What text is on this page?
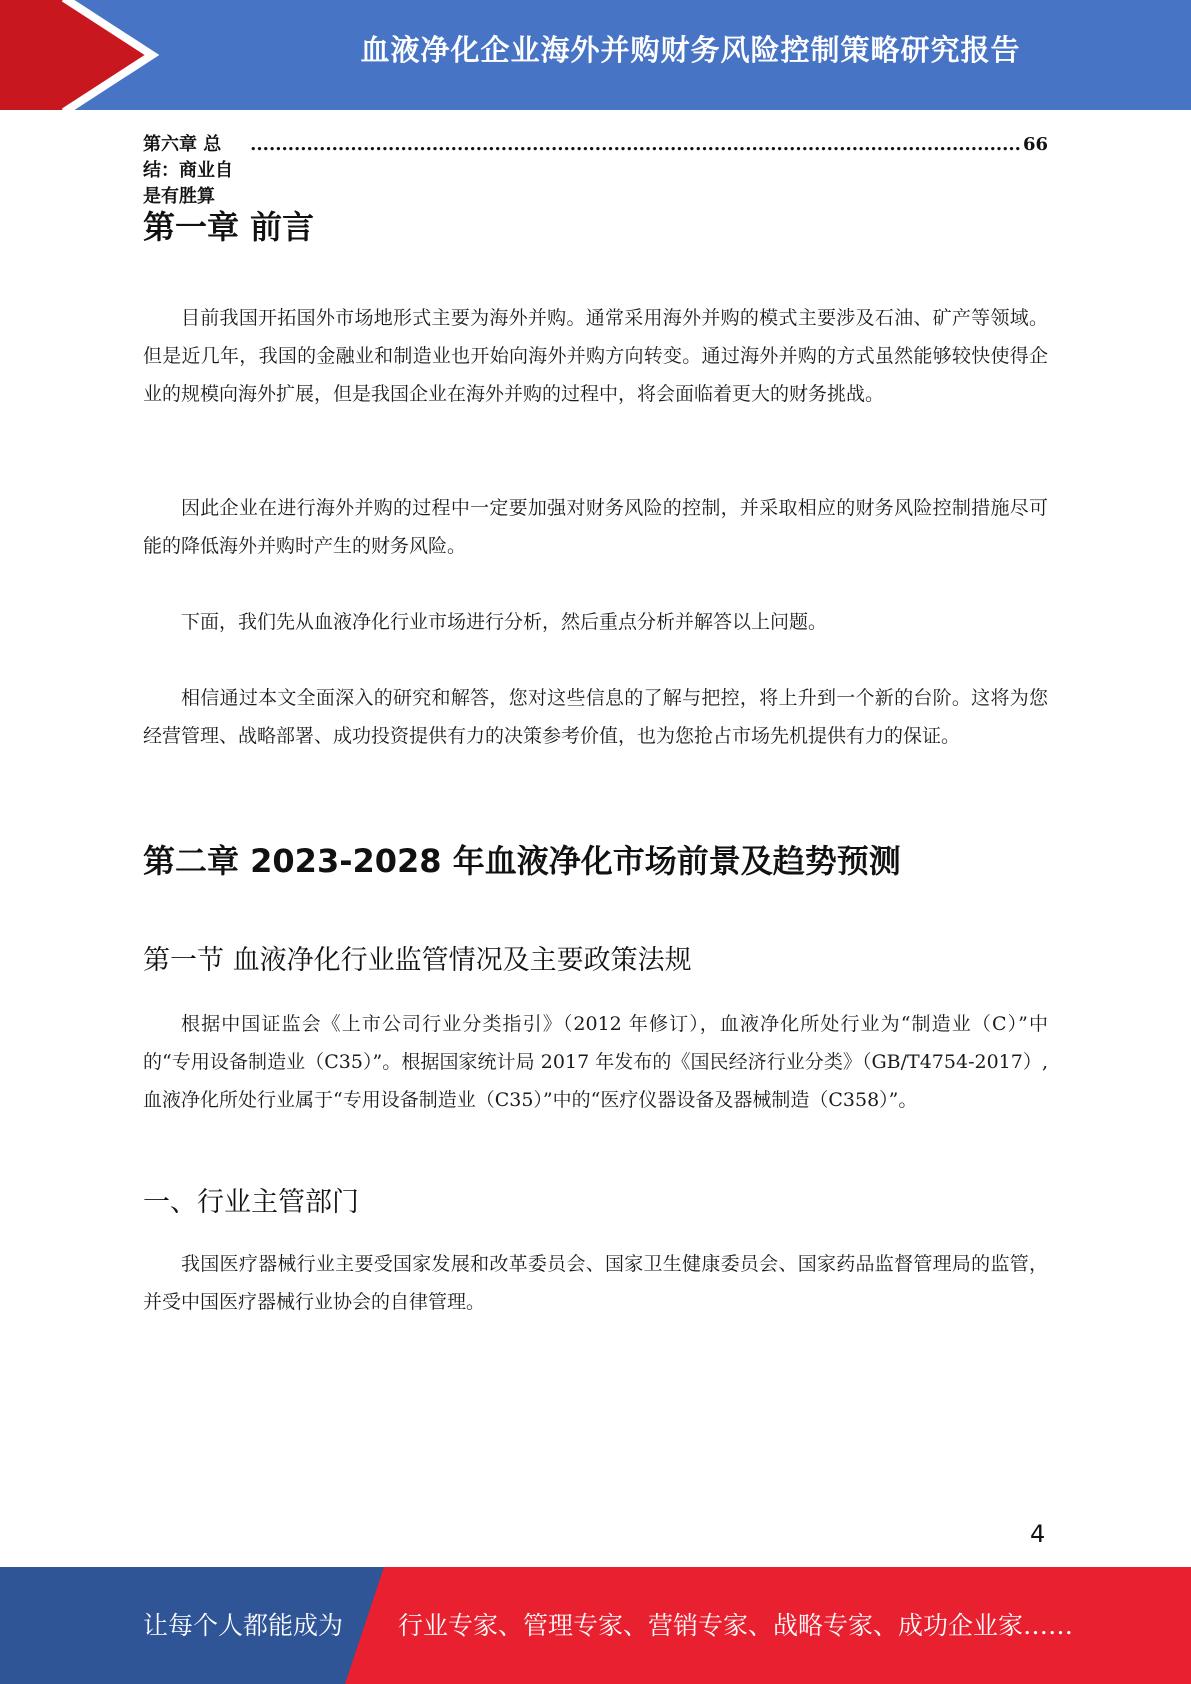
血液净化企业海外并购财务风险控制策略研究报告
第六章 总结：商业自是有胜算
........................................................................................................................... 66
第一章 前言

目前我国开拓国外市场地形式主要为海外并购。通常采用海外并购的模式主要涉及石油、矿产等领域。但是近几年，我国的金融业和制造业也开始向海外并购方向转变。通过海外并购的方式虽然能够较快使得企业的规模向海外扩展，但是我国企业在海外并购的过程中，将会面临着更大的财务挑战。

因此企业在进行海外并购的过程中一定要加强对财务风险的控制，并采取相应的财务风险控制措施尽可能的降低海外并购时产生的财务风险。

下面，我们先从血液净化行业市场进行分析，然后重点分析并解答以上问题。

相信通过本文全面深入的研究和解答，您对这些信息的了解与把控，将上升到一个新的台阶。这将为您经营管理、战略部署、成功投资提供有力的决策参考价值，也为您抢占市场先机提供有力的保证。

第二章 2023-2028 年血液净化市场前景及趋势预测
第一节 血液净化行业监管情况及主要政策法规

根据中国证监会《上市公司行业分类指引》（2012 年修订），血液净化所处行业为“制造业（C）”中的“专用设备制造业（C35）”。根据国家统计局 2017 年发布的《国民经济行业分类》（GB/T4754-2017）,血液净化所处行业属于“专用设备制造业（C35）”中的“医疗仪器设备及器械制造（C358）”。

一、行业主管部门

我国医疗器械行业主要受国家发展和改革委员会、国家卫生健康委员会、国家药品监督管理局的监管，并受中国医疗器械行业协会的自律管理。

4
让每个人都能成为 行业专家、管理专家、营销专家、战略专家、成功企业家……
